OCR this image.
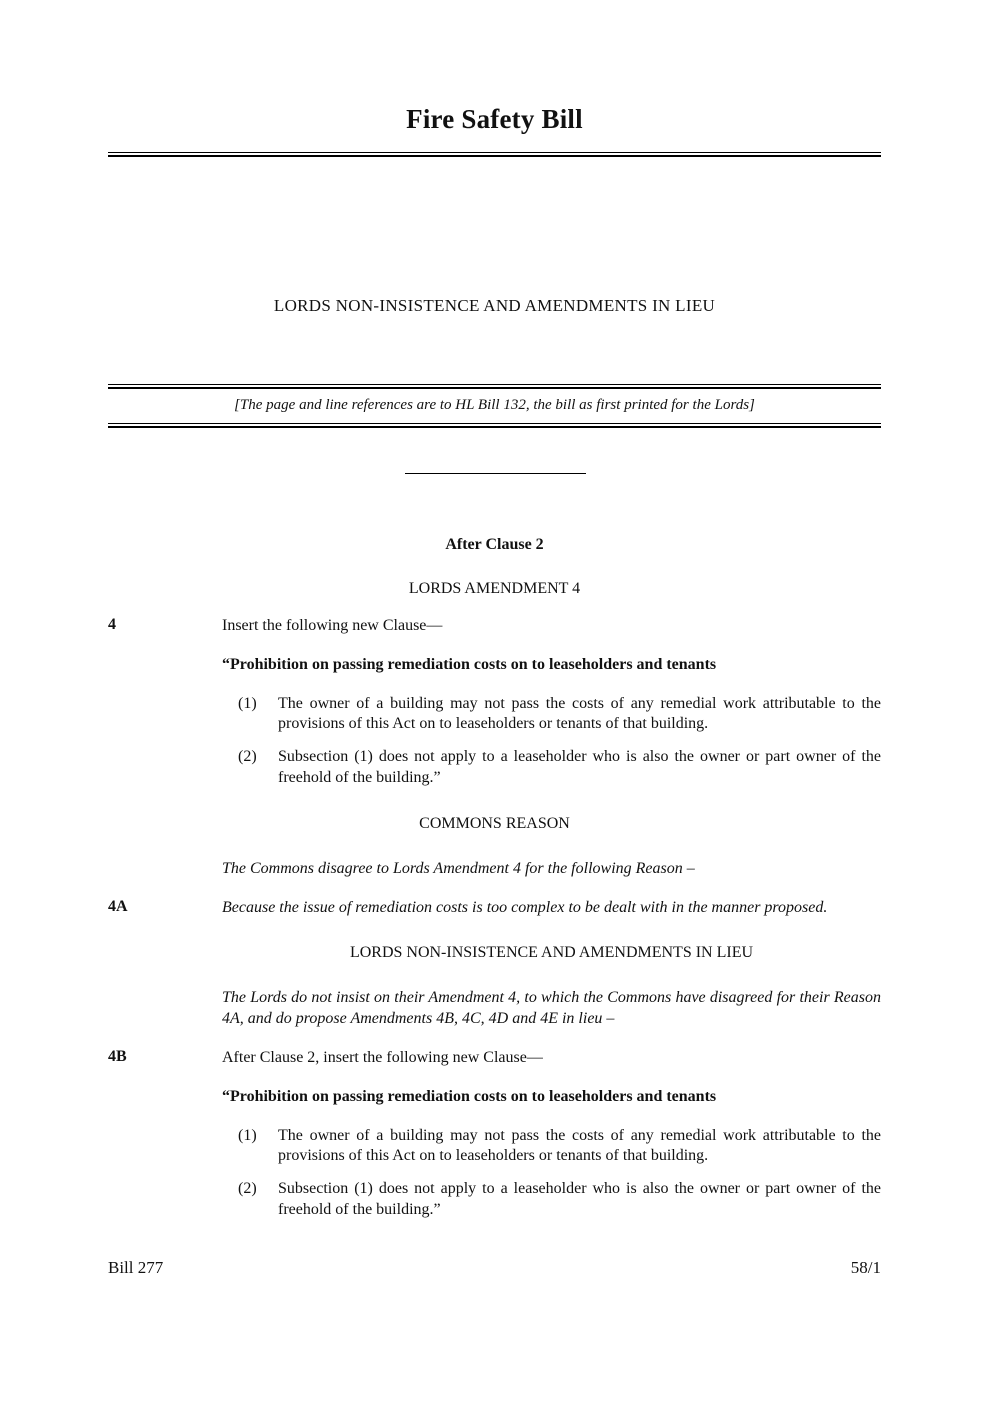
Fire Safety Bill
LORDS NON-INSISTENCE AND AMENDMENTS IN LIEU
[The page and line references are to HL Bill 132, the bill as first printed for the Lords]
After Clause 2
LORDS AMENDMENT 4
4	Insert the following new Clause—
“Prohibition on passing remediation costs on to leaseholders and tenants
(1)	The owner of a building may not pass the costs of any remedial work attributable to the provisions of this Act on to leaseholders or tenants of that building.
(2)	Subsection (1) does not apply to a leaseholder who is also the owner or part owner of the freehold of the building.”
COMMONS REASON
The Commons disagree to Lords Amendment 4 for the following Reason –
4A	Because the issue of remediation costs is too complex to be dealt with in the manner proposed.
LORDS NON-INSISTENCE AND AMENDMENTS IN LIEU
The Lords do not insist on their Amendment 4, to which the Commons have disagreed for their Reason 4A, and do propose Amendments 4B, 4C, 4D and 4E in lieu –
4B	After Clause 2, insert the following new Clause—
“Prohibition on passing remediation costs on to leaseholders and tenants
(1)	The owner of a building may not pass the costs of any remedial work attributable to the provisions of this Act on to leaseholders or tenants of that building.
(2)	Subsection (1) does not apply to a leaseholder who is also the owner or part owner of the freehold of the building.”
Bill 277	58/1
